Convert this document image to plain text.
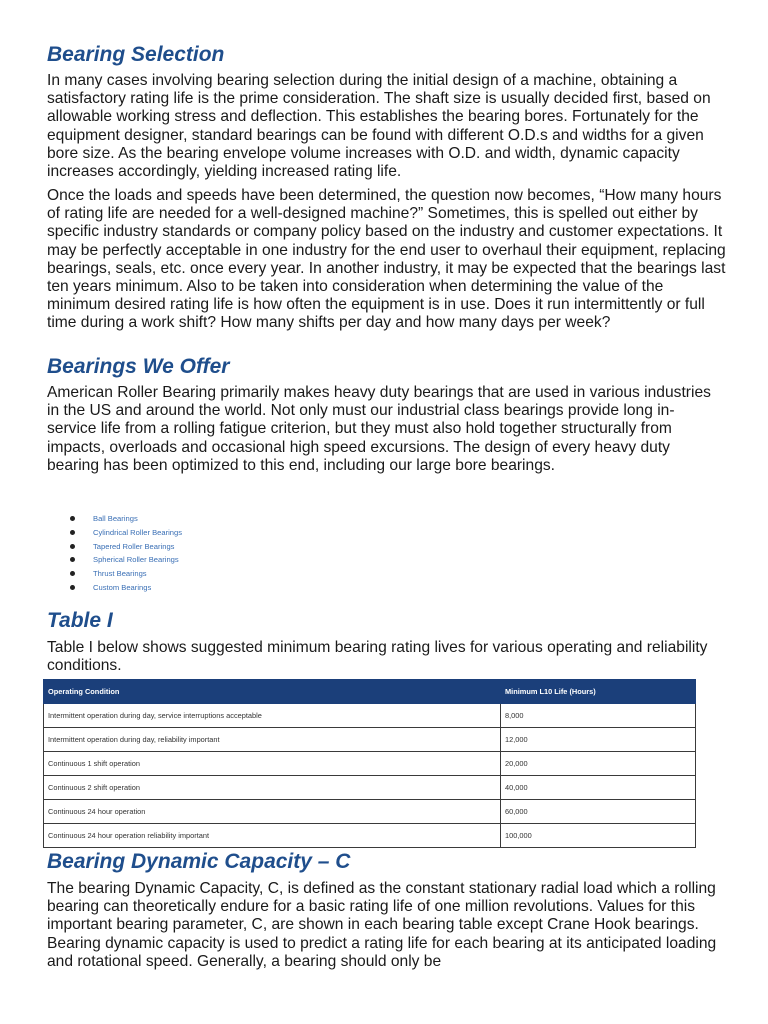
Bearing Selection

In many cases involving bearing selection during the initial design of a machine, obtaining a satisfactory rating life is the prime consideration. The shaft size is usually decided first, based on allowable working stress and deflection. This establishes the bearing bores. Fortunately for the equipment designer, standard bearings can be found with different O.D.s and widths for a given bore size. As the bearing envelope volume increases with O.D. and width, dynamic capacity increases accordingly, yielding increased rating life.

Once the loads and speeds have been determined, the question now becomes, “How many hours of rating life are needed for a well-designed machine?” Sometimes, this is spelled out either by specific industry standards or company policy based on the industry and customer expectations. It may be perfectly acceptable in one industry for the end user to overhaul their equipment, replacing bearings, seals, etc. once every year. In another industry, it may be expected that the bearings last ten years minimum. Also to be taken into consideration when determining the value of the minimum desired rating life is how often the equipment is in use. Does it run intermittently or full time during a work shift? How many shifts per day and how many days per week?

Bearings We Offer

American Roller Bearing primarily makes heavy duty bearings that are used in various industries in the US and around the world. Not only must our industrial class bearings provide long in-service life from a rolling fatigue criterion, but they must also hold together structurally from impacts, overloads and occasional high speed excursions. The design of every heavy duty bearing has been optimized to this end, including our large bore bearings.

Ball Bearings
Cylindrical Roller Bearings
Tapered Roller Bearings
Spherical Roller Bearings
Thrust Bearings
Custom Bearings
Table I

Table I below shows suggested minimum bearing rating lives for various operating and reliability conditions.

Operating Condition	Minimum L10 Life (Hours)
Intermittent operation during day, service interruptions acceptable	8,000
Intermittent operation during day, reliability important	12,000
Continuous 1 shift operation	20,000
Continuous 2 shift operation	40,000
Continuous 24 hour operation	60,000
Continuous 24 hour operation reliability important	100,000
Bearing Dynamic Capacity – C

The bearing Dynamic Capacity, C, is defined as the constant stationary radial load which a rolling bearing can theoretically endure for a basic rating life of one million revolutions. Values for this important bearing parameter, C, are shown in each bearing table except Crane Hook bearings. Bearing dynamic capacity is used to predict a rating life for each bearing at its anticipated loading and rotational speed. Generally, a bearing should only be
